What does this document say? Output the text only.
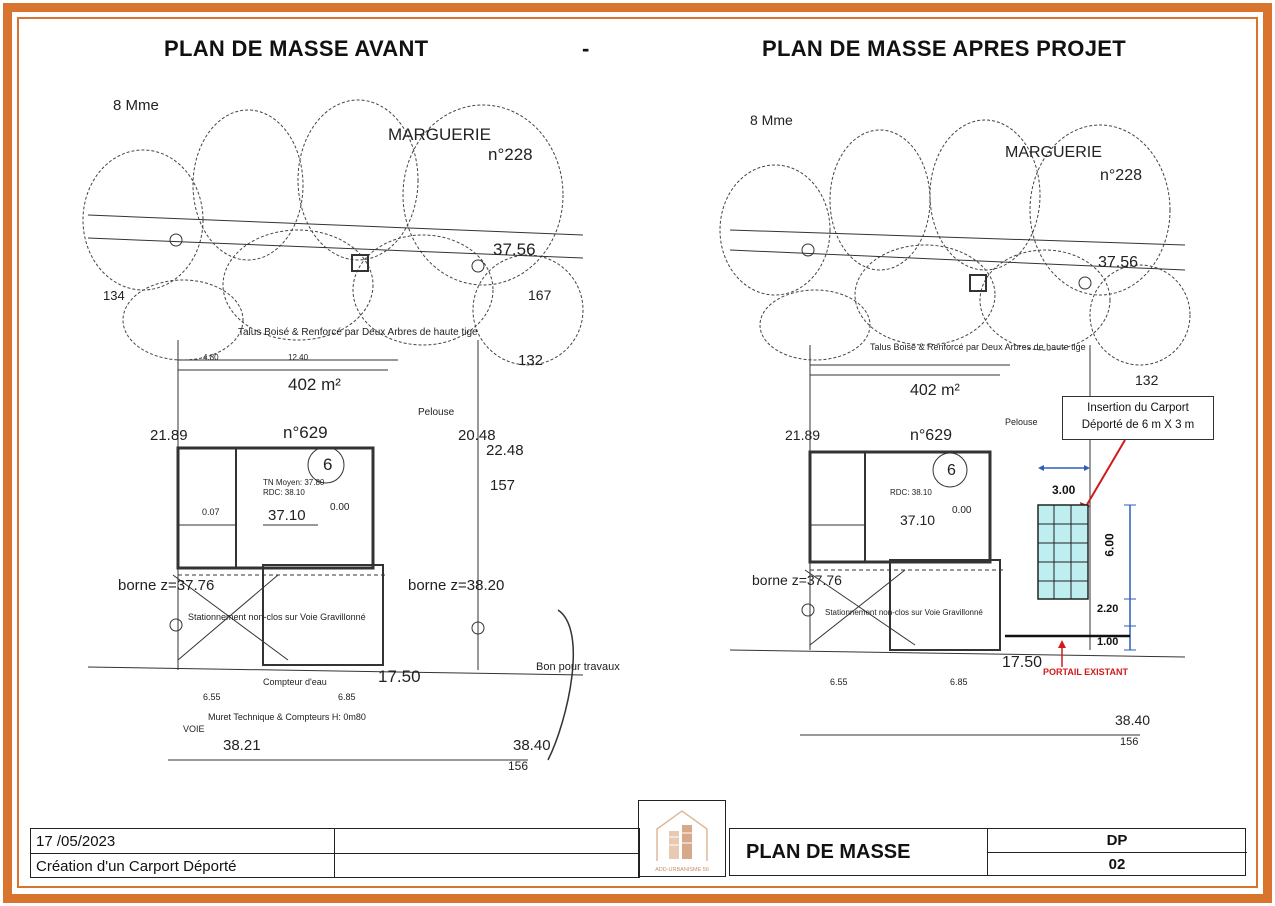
PLAN DE MASSE AVANT	-	PLAN DE MASSE APRES PROJET
8 Mme
MARGUERIE
n°228
37.56
167
132
134
Talus Boisé & Renforcé par Deux Arbres de haute tige
4.80	12.40
402 m²
Pelouse
n°629
21.89	20.48
22.48
157
6
RDC: 38.10
TN Moyen: 37.80
0.00
0.07	37.10
borne z=38.20
borne z=37.76
Stationnement non-clos sur Voie Gravillonné
17.50
Compteur d'eau
6.55	6.85
Muret Technique & Compteurs H: 0m80
VOIE
38.21	38.40
156
Bon pour travaux
8 Mme
MARGUERIE
n°228
37.56
132
Talus Boisé & Renforcé par Deux Arbres de haute tige
402 m²
n°629
21.89
Pelouse
6
RDC: 38.10
0.00
37.10
borne z=37.76
Stationnement non-clos sur Voie Gravillonné
17.50
6.55	6.85
38.40
156
Insertion du Carport Déporté de 6 m X 3 m
3.00
6.00
2.20
1.00
PORTAIL EXISTANT
17 /05/2023
Création d'un Carport Déporté	ADD-URBANISME 56
PLAN DE MASSE
DP
02
